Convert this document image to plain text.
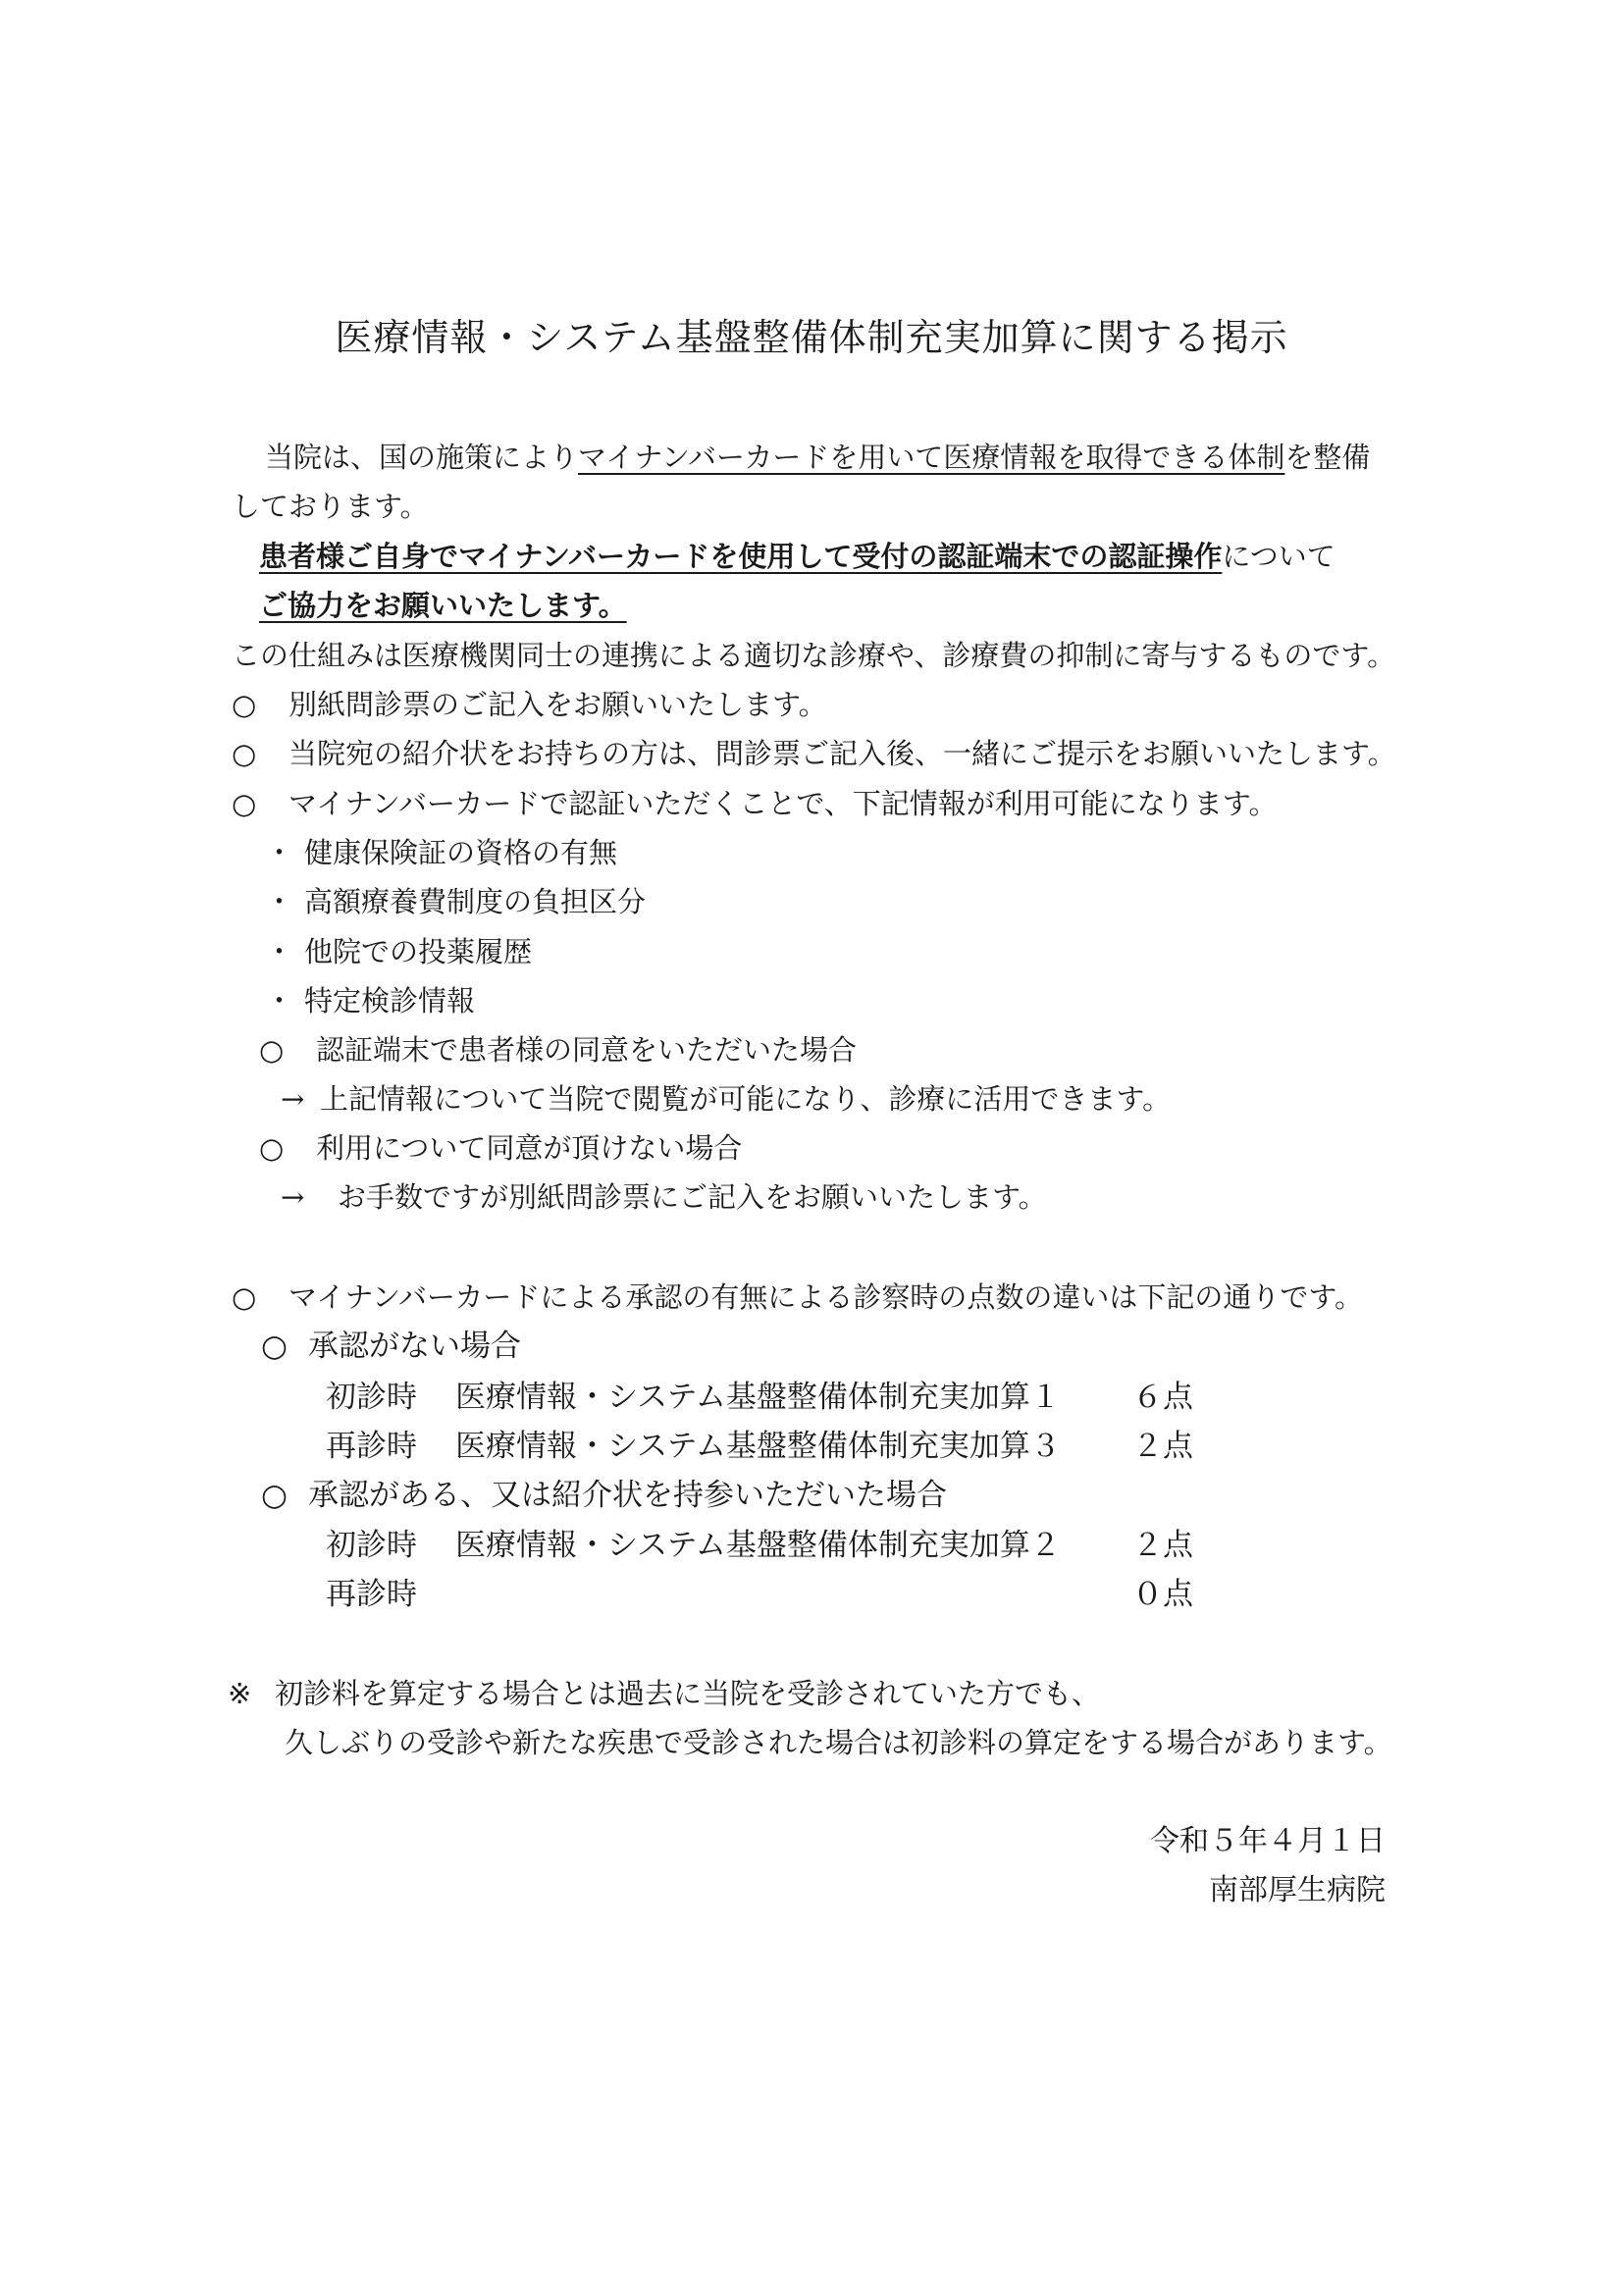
医療情報・システム基盤整備体制充実加算に関する掲示
当院は、国の施策によりマイナンバーカードを用いて医療情報を取得できる体制を整備
しております。
患者様ご自身でマイナンバーカードを使用して受付の認証端末での認証操作について
ご協力をお願いいたします。
この仕組みは医療機関同士の連携による適切な診療や、診療費の抑制に寄与するものです。
○ 別紙問診票のご記入をお願いいたします。
○ 当院宛の紹介状をお持ちの方は、問診票ご記入後、一緒にご提示をお願いいたします。
○ マイナンバーカードで認証いただくことで、下記情報が利用可能になります。
・ 健康保険証の資格の有無
・ 高額療養費制度の負担区分
・ 他院での投薬履歴
・ 特定検診情報
○ 認証端末で患者様の同意をいただいた場合
→ 上記情報について当院で閲覧が可能になり、診療に活用できます。
○ 利用について同意が頂けない場合
→ お手数ですが別紙問診票にご記入をお願いいたします。
○ マイナンバーカードによる承認の有無による診察時の点数の違いは下記の通りです。
○ 承認がない場合
初診時 医療情報・システム基盤整備体制充実加算１ ６点
再診時 医療情報・システム基盤整備体制充実加算３ ２点
○ 承認がある、又は紹介状を持参いただいた場合
初診時 医療情報・システム基盤整備体制充実加算２ ２点
再診時	０点
※ 初診料を算定する場合とは過去に当院を受診されていた方でも、
久しぶりの受診や新たな疾患で受診された場合は初診料の算定をする場合があります。
令和５年４月１日
南部厚生病院
